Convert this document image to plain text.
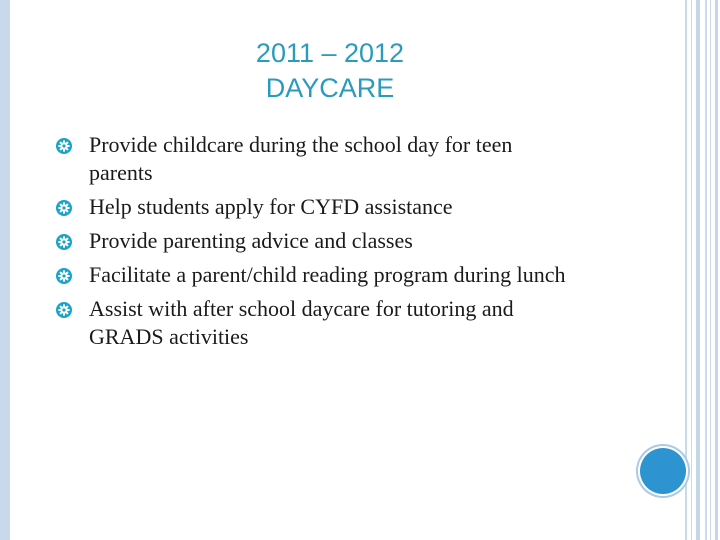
2011 – 2012
DAYCARE
Provide childcare during the school day for teen parents
Help students apply for CYFD assistance
Provide parenting advice and classes
Facilitate a parent/child reading program during lunch
Assist with after school daycare for tutoring and GRADS activities
